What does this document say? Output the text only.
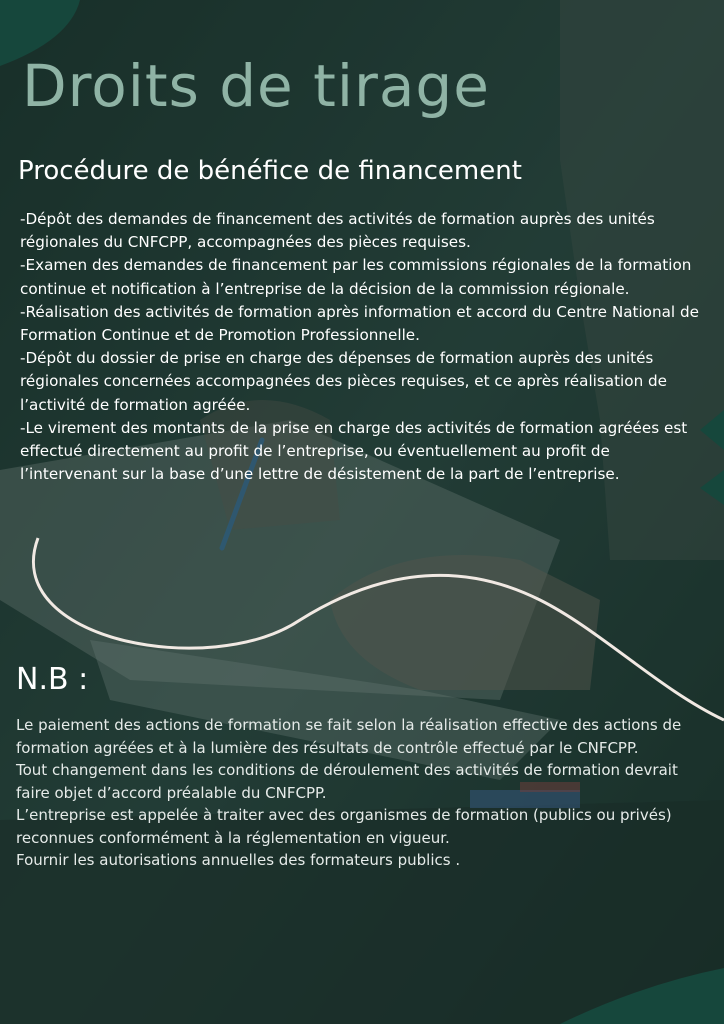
Droits de tirage
Procédure de bénéfice de financement

-Dépôt des demandes de financement des activités de formation auprès des unités régionales du CNFCPP, accompagnées des pièces requises.

-Examen des demandes de financement par les commissions régionales de la formation continue et notification à l’entreprise de la décision de la commission régionale.

-Réalisation des activités de formation après information et accord du Centre National de Formation Continue et de Promotion Professionnelle.

-Dépôt du dossier de prise en charge des dépenses de formation auprès des unités régionales concernées accompagnées des pièces requises, et ce après réalisation de l’activité de formation agréée.

-Le virement des montants de la prise en charge des activités de formation agréées est effectué directement au profit de l’entreprise, ou éventuellement au profit de l’intervenant sur la base d’une lettre de désistement de la part de l’entreprise.

N.B :

Le paiement des actions de formation se fait selon la réalisation effective des actions de formation agréées et à la lumière des résultats de contrôle effectué par le CNFCPP.

Tout changement dans les conditions de déroulement des activités de formation devrait faire objet d’accord préalable du CNFCPP.

L’entreprise est appelée à traiter avec des organismes de formation (publics ou privés) reconnues conformément à la réglementation en vigueur.

Fournir les autorisations annuelles des formateurs publics .
